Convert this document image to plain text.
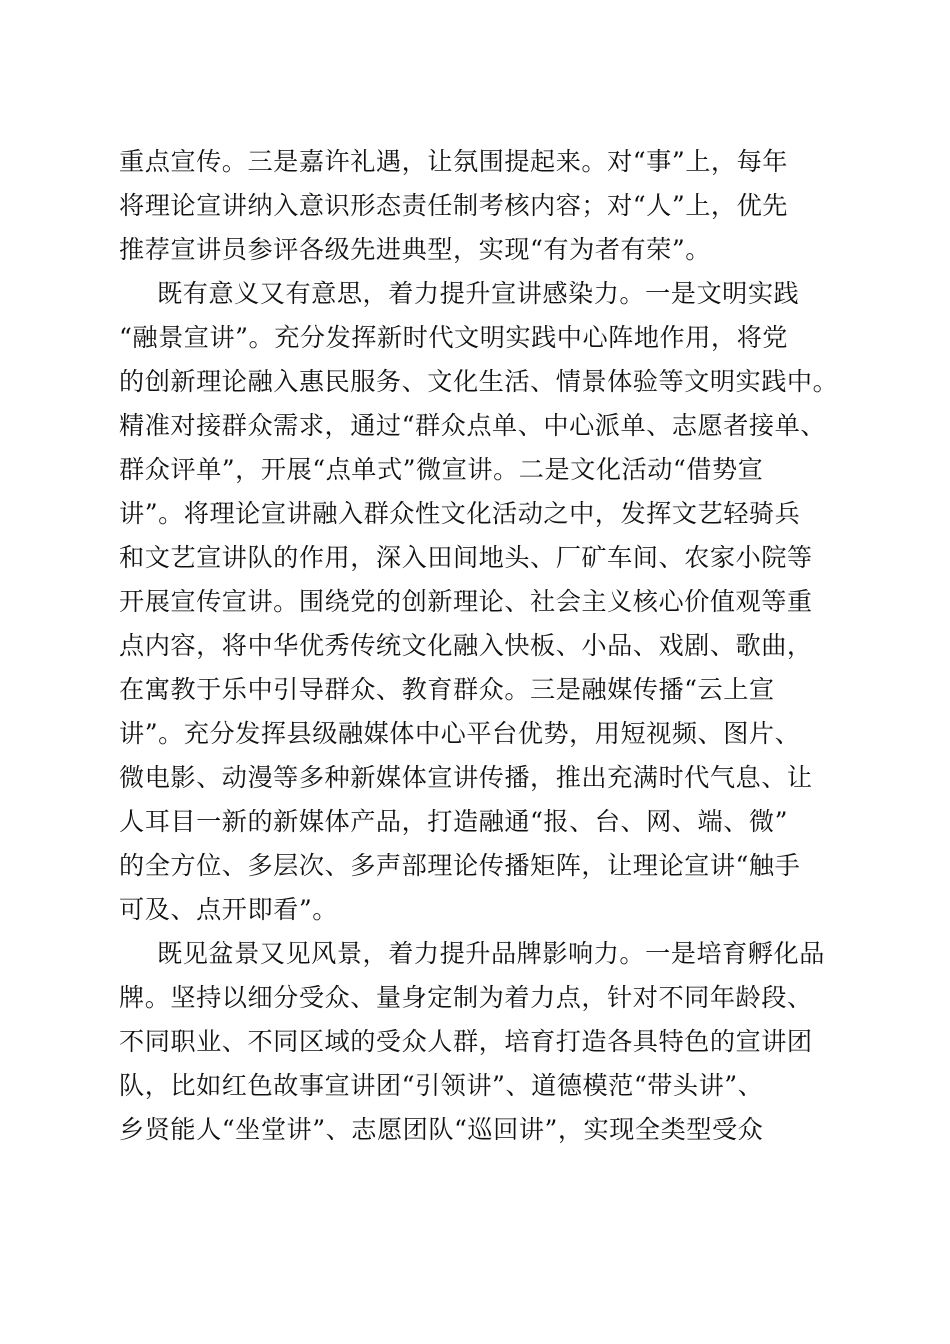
重点宣传。三是嘉许礼遇，让氛围提起来。对“事”上，每年
将理论宣讲纳入意识形态责任制考核内容；对“人”上，优先
推荐宣讲员参评各级先进典型，实现“有为者有荣”。
既有意义又有意思，着力提升宣讲感染力。一是文明实践
“融景宣讲”。充分发挥新时代文明实践中心阵地作用，将党
的创新理论融入惠民服务、文化生活、情景体验等文明实践中。
精准对接群众需求，通过“群众点单、中心派单、志愿者接单、
群众评单”，开展“点单式”微宣讲。二是文化活动“借势宣
讲”。将理论宣讲融入群众性文化活动之中，发挥文艺轻骑兵
和文艺宣讲队的作用，深入田间地头、厂矿车间、农家小院等
开展宣传宣讲。围绕党的创新理论、社会主义核心价值观等重
点内容，将中华优秀传统文化融入快板、小品、戏剧、歌曲，
在寓教于乐中引导群众、教育群众。三是融媒传播“云上宣
讲”。充分发挥县级融媒体中心平台优势，用短视频、图片、
微电影、动漫等多种新媒体宣讲传播，推出充满时代气息、让
人耳目一新的新媒体产品，打造融通“报、台、网、端、微”
的全方位、多层次、多声部理论传播矩阵，让理论宣讲“触手
可及、点开即看”。
既见盆景又见风景，着力提升品牌影响力。一是培育孵化品
牌。坚持以细分受众、量身定制为着力点，针对不同年龄段、
不同职业、不同区域的受众人群，培育打造各具特色的宣讲团
队，比如红色故事宣讲团“引领讲”、道德模范“带头讲”、
乡贤能人“坐堂讲”、志愿团队“巡回讲”，实现全类型受众
